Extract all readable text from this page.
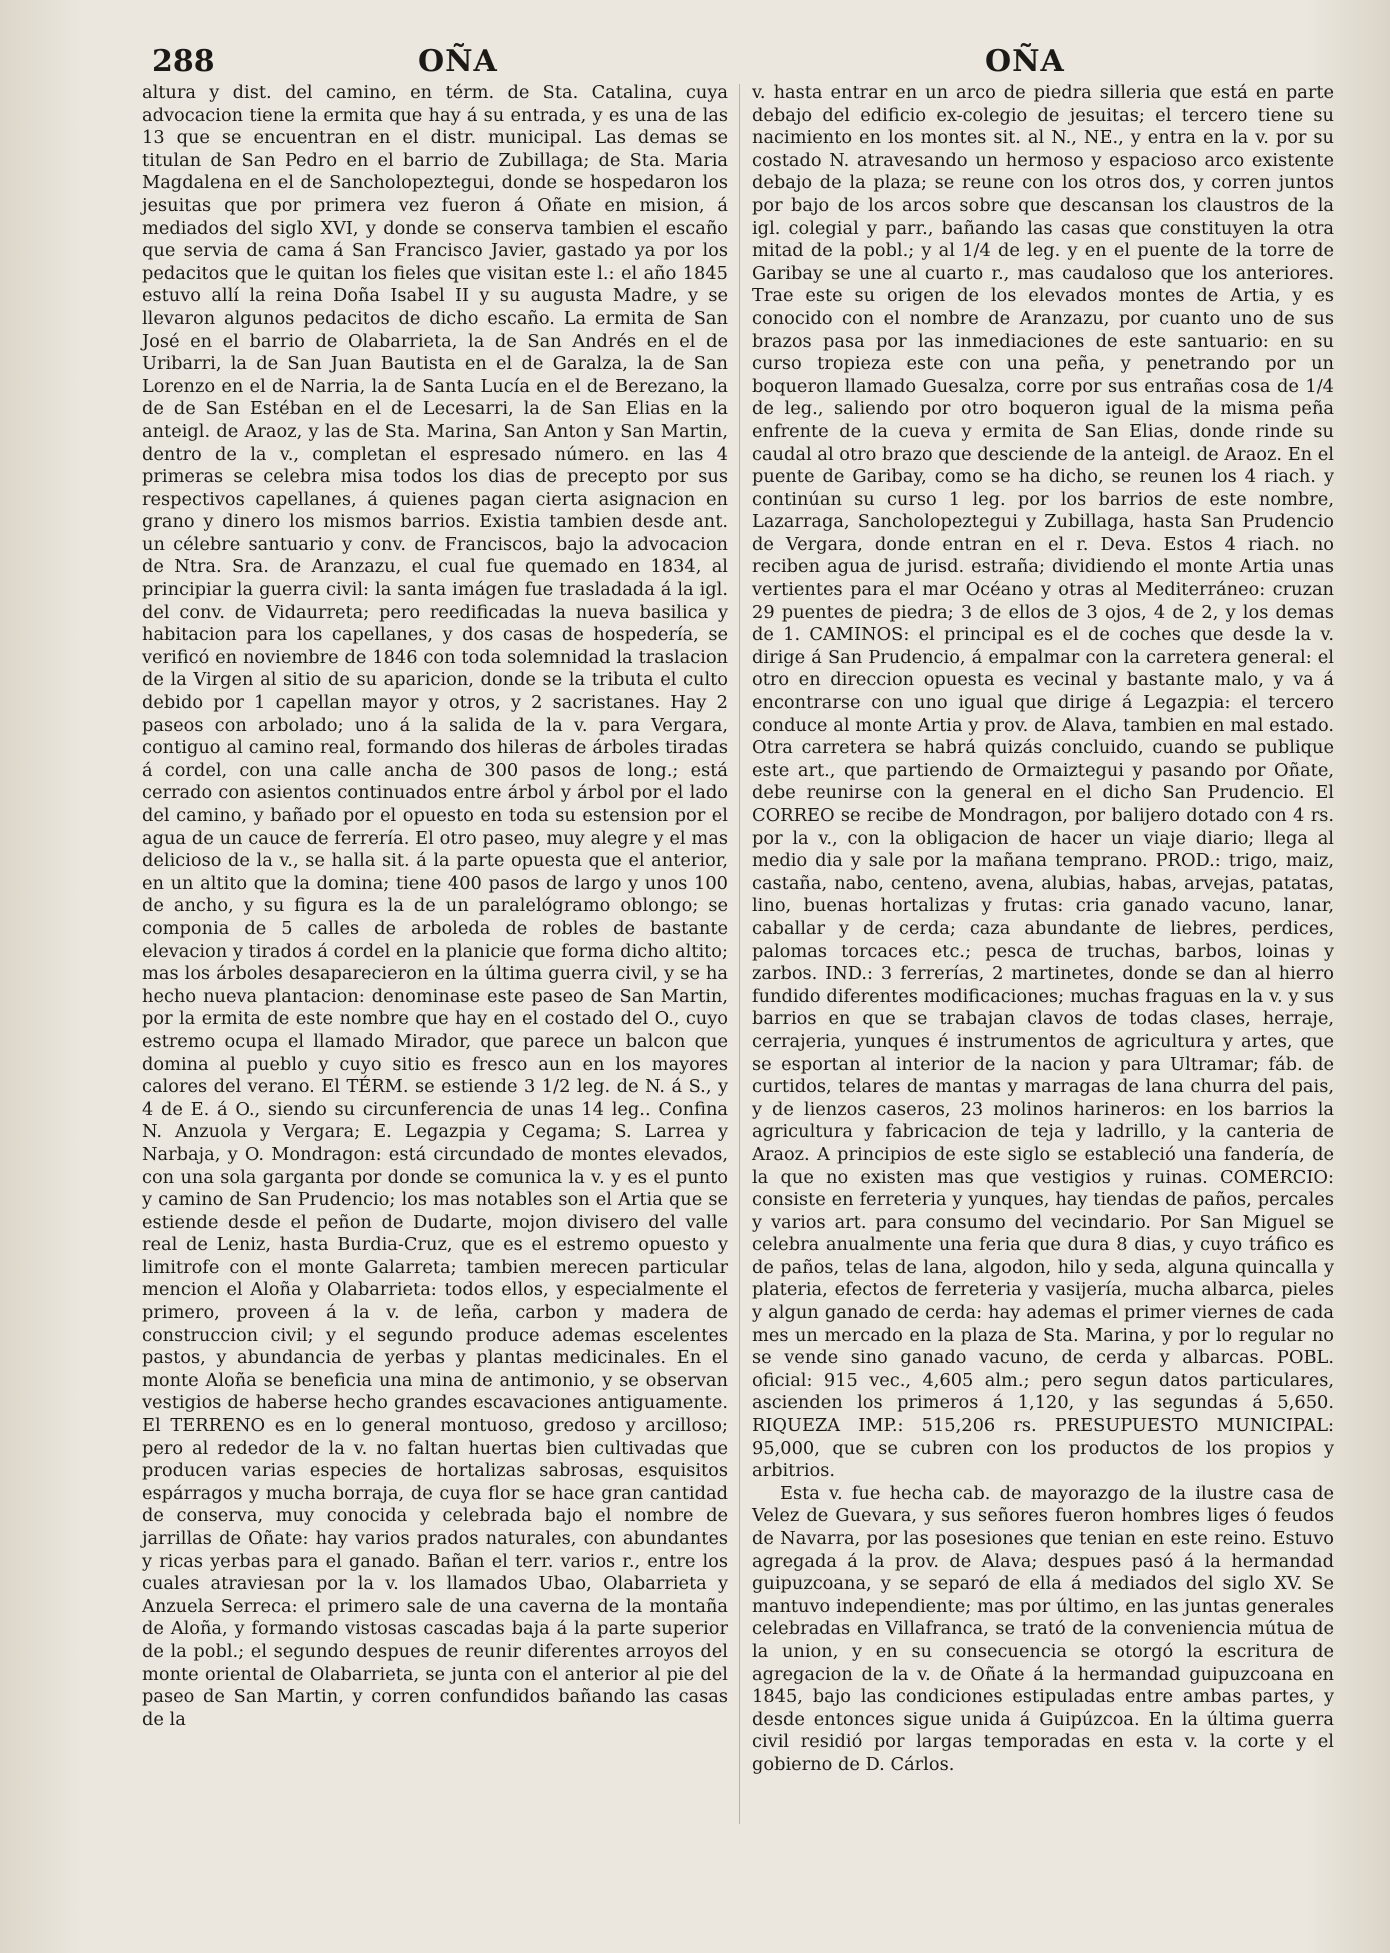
288	OÑA	OÑA

altura y dist. del camino, en térm. de Sta. Catalina, cuya advocacion tiene la ermita que hay á su entrada, y es una de las 13 que se encuentran en el distr. municipal. Las demas se titulan de San Pedro en el barrio de Zubillaga; de Sta. Maria Magdalena en el de Sancholopeztegui, donde se hospedaron los jesuitas que por primera vez fueron á Oñate en mision, á mediados del siglo XVI, y donde se conserva tambien el escaño que servia de cama á San Francisco Javier, gastado ya por los pedacitos que le quitan los fieles que visitan este l.: el año 1845 estuvo allí la reina Doña Isabel II y su augusta Madre, y se llevaron algunos pedacitos de dicho escaño. La ermita de San José en el barrio de Olabarrieta, la de San Andrés en el de Uribarri, la de San Juan Bautista en el de Garalza, la de San Lorenzo en el de Narria, la de Santa Lucía en el de Berezano, la de de San Estéban en el de Lecesarri, la de San Elias en la anteigl. de Araoz, y las de Sta. Marina, San Anton y San Martin, dentro de la v., completan el espresado número. en las 4 primeras se celebra misa todos los dias de precepto por sus respectivos capellanes, á quienes pagan cierta asignacion en grano y dinero los mismos barrios. Existia tambien desde ant. un célebre santuario y conv. de Franciscos, bajo la advocacion de Ntra. Sra. de Aranzazu, el cual fue quemado en 1834, al principiar la guerra civil: la santa imágen fue trasladada á la igl. del conv. de Vidaurreta; pero reedificadas la nueva basilica y habitacion para los capellanes, y dos casas de hospedería, se verificó en noviembre de 1846 con toda solemnidad la traslacion de la Virgen al sitio de su aparicion, donde se la tributa el culto debido por 1 capellan mayor y otros, y 2 sacristanes. Hay 2 paseos con arbolado; uno á la salida de la v. para Vergara, contiguo al camino real, formando dos hileras de árboles tiradas á cordel, con una calle ancha de 300 pasos de long.; está cerrado con asientos continuados entre árbol y árbol por el lado del camino, y bañado por el opuesto en toda su estension por el agua de un cauce de ferrería. El otro paseo, muy alegre y el mas delicioso de la v., se halla sit. á la parte opuesta que el anterior, en un altito que la domina; tiene 400 pasos de largo y unos 100 de ancho, y su figura es la de un paralelógramo oblongo; se componia de 5 calles de arboleda de robles de bastante elevacion y tirados á cordel en la planicie que forma dicho altito; mas los árboles desaparecieron en la última guerra civil, y se ha hecho nueva plantacion: denominase este paseo de San Martin, por la ermita de este nombre que hay en el costado del O., cuyo estremo ocupa el llamado Mirador, que parece un balcon que domina al pueblo y cuyo sitio es fresco aun en los mayores calores del verano. El TÉRM. se estiende 3 1/2 leg. de N. á S., y 4 de E. á O., siendo su circunferencia de unas 14 leg.. Confina N. Anzuola y Vergara; E. Legazpia y Cegama; S. Larrea y Narbaja, y O. Mondragon: está circundado de montes elevados, con una sola garganta por donde se comunica la v. y es el punto y camino de San Prudencio; los mas notables son el Artia que se estiende desde el peñon de Dudarte, mojon divisero del valle real de Leniz, hasta Burdia-Cruz, que es el estremo opuesto y limitrofe con el monte Galarreta; tambien merecen particular mencion el Aloña y Olabarrieta: todos ellos, y especialmente el primero, proveen á la v. de leña, carbon y madera de construccion civil; y el segundo produce ademas escelentes pastos, y abundancia de yerbas y plantas medicinales. En el monte Aloña se beneficia una mina de antimonio, y se observan vestigios de haberse hecho grandes escavaciones antiguamente. El TERRENO es en lo general montuoso, gredoso y arcilloso; pero al rededor de la v. no faltan huertas bien cultivadas que producen varias especies de hortalizas sabrosas, esquisitos espárragos y mucha borraja, de cuya flor se hace gran cantidad de conserva, muy conocida y celebrada bajo el nombre de jarrillas de Oñate: hay varios prados naturales, con abundantes y ricas yerbas para el ganado. Bañan el terr. varios r., entre los cuales atraviesan por la v. los llamados Ubao, Olabarrieta y Anzuela Serreca: el primero sale de una caverna de la montaña de Aloña, y formando vistosas cascadas baja á la parte superior de la pobl.; el segundo despues de reunir diferentes arroyos del monte oriental de Olabarrieta, se junta con el anterior al pie del paseo de San Martin, y corren confundidos bañando las casas de la

v. hasta entrar en un arco de piedra silleria que está en parte debajo del edificio ex-colegio de jesuitas; el tercero tiene su nacimiento en los montes sit. al N., NE., y entra en la v. por su costado N. atravesando un hermoso y espacioso arco existente debajo de la plaza; se reune con los otros dos, y corren juntos por bajo de los arcos sobre que descansan los claustros de la igl. colegial y parr., bañando las casas que constituyen la otra mitad de la pobl.; y al 1/4 de leg. y en el puente de la torre de Garibay se une al cuarto r., mas caudaloso que los anteriores. Trae este su origen de los elevados montes de Artia, y es conocido con el nombre de Aranzazu, por cuanto uno de sus brazos pasa por las inmediaciones de este santuario: en su curso tropieza este con una peña, y penetrando por un boqueron llamado Guesalza, corre por sus entrañas cosa de 1/4 de leg., saliendo por otro boqueron igual de la misma peña enfrente de la cueva y ermita de San Elias, donde rinde su caudal al otro brazo que desciende de la anteigl. de Araoz. En el puente de Garibay, como se ha dicho, se reunen los 4 riach. y continúan su curso 1 leg. por los barrios de este nombre, Lazarraga, Sancholopeztegui y Zubillaga, hasta San Prudencio de Vergara, donde entran en el r. Deva. Estos 4 riach. no reciben agua de jurisd. estraña; dividiendo el monte Artia unas vertientes para el mar Océano y otras al Mediterráneo: cruzan 29 puentes de piedra; 3 de ellos de 3 ojos, 4 de 2, y los demas de 1. CAMINOS: el principal es el de coches que desde la v. dirige á San Prudencio, á empalmar con la carretera general: el otro en direccion opuesta es vecinal y bastante malo, y va á encontrarse con uno igual que dirige á Legazpia: el tercero conduce al monte Artia y prov. de Alava, tambien en mal estado. Otra carretera se habrá quizás concluido, cuando se publique este art., que partiendo de Ormaiztegui y pasando por Oñate, debe reunirse con la general en el dicho San Prudencio. El CORREO se recibe de Mondragon, por balijero dotado con 4 rs. por la v., con la obligacion de hacer un viaje diario; llega al medio dia y sale por la mañana temprano. PROD.: trigo, maiz, castaña, nabo, centeno, avena, alubias, habas, arvejas, patatas, lino, buenas hortalizas y frutas: cria ganado vacuno, lanar, caballar y de cerda; caza abundante de liebres, perdices, palomas torcaces etc.; pesca de truchas, barbos, loinas y zarbos. IND.: 3 ferrerías, 2 martinetes, donde se dan al hierro fundido diferentes modificaciones; muchas fraguas en la v. y sus barrios en que se trabajan clavos de todas clases, herraje, cerrajeria, yunques é instrumentos de agricultura y artes, que se esportan al interior de la nacion y para Ultramar; fáb. de curtidos, telares de mantas y marragas de lana churra del pais, y de lienzos caseros, 23 molinos harineros: en los barrios la agricultura y fabricacion de teja y ladrillo, y la canteria de Araoz. A principios de este siglo se estableció una fandería, de la que no existen mas que vestigios y ruinas. COMERCIO: consiste en ferreteria y yunques, hay tiendas de paños, percales y varios art. para consumo del vecindario. Por San Miguel se celebra anualmente una feria que dura 8 dias, y cuyo tráfico es de paños, telas de lana, algodon, hilo y seda, alguna quincalla y plateria, efectos de ferreteria y vasijería, mucha albarca, pieles y algun ganado de cerda: hay ademas el primer viernes de cada mes un mercado en la plaza de Sta. Marina, y por lo regular no se vende sino ganado vacuno, de cerda y albarcas. POBL. oficial: 915 vec., 4,605 alm.; pero segun datos particulares, ascienden los primeros á 1,120, y las segundas á 5,650. RIQUEZA IMP.: 515,206 rs. PRESUPUESTO MUNICIPAL: 95,000, que se cubren con los productos de los propios y arbitrios.

Esta v. fue hecha cab. de mayorazgo de la ilustre casa de Velez de Guevara, y sus señores fueron hombres liges ó feudos de Navarra, por las posesiones que tenian en este reino. Estuvo agregada á la prov. de Alava; despues pasó á la hermandad guipuzcoana, y se separó de ella á mediados del siglo XV. Se mantuvo independiente; mas por último, en las juntas generales celebradas en Villafranca, se trató de la conveniencia mútua de la union, y en su consecuencia se otorgó la escritura de agregacion de la v. de Oñate á la hermandad guipuzcoana en 1845, bajo las condiciones estipuladas entre ambas partes, y desde entonces sigue unida á Guipúzcoa. En la última guerra civil residió por largas temporadas en esta v. la corte y el gobierno de D. Cárlos.
